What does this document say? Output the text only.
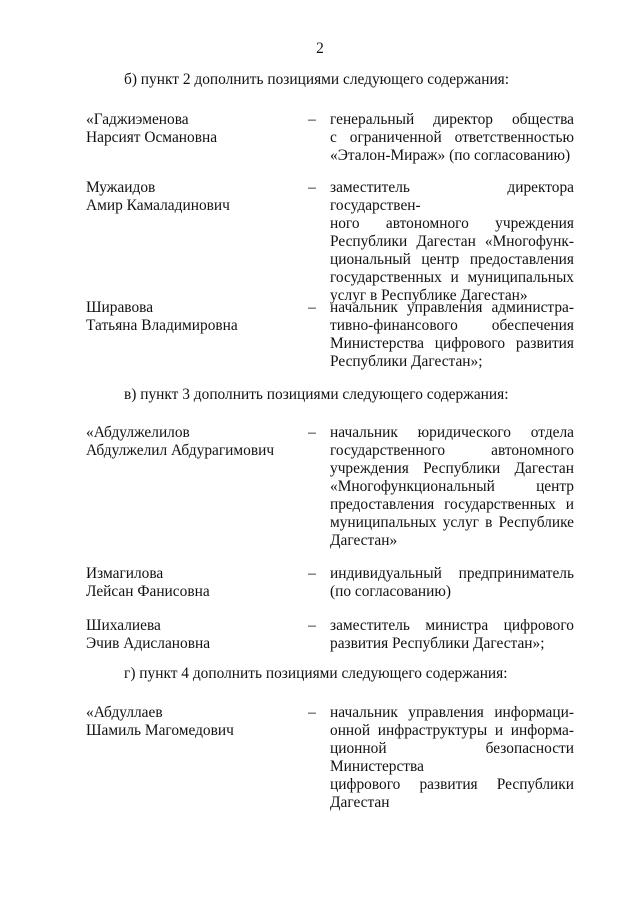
2
б) пункт 2 дополнить позициями следующего содержания:
«Гаджиэменова
Нарсият Османовна
– генеральный директор общества
с ограниченной ответственностью
«Эталон-Мираж» (по согласованию)
Мужаидов
Амир Камаладинович
– заместитель директора государствен-
ного автономного учреждения
Республики Дагестан «Многофунк-
циональный центр предоставления
государственных и муниципальных
услуг в Республике Дагестан»
Ширавова
Татьяна Владимировна
– начальник управления администра-
тивно-финансового обеспечения
Министерства цифрового развития
Республики Дагестан»;
в) пункт 3 дополнить позициями следующего содержания:
«Абдулжелилов
Абдулжелил Абдурагимович
– начальник юридического отдела
государственного автономного
учреждения Республики Дагестан
«Многофункциональный центр
предоставления государственных и
муниципальных услуг в Республике
Дагестан»
Измагилова
Лейсан Фанисовна
– индивидуальный предприниматель
(по согласованию)
Шихалиева
Эчив Адислановна
– заместитель министра цифрового
развития Республики Дагестан»;
г) пункт 4 дополнить позициями следующего содержания:
«Абдуллаев
Шамиль Магомедович
– начальник управления информаци-
онной инфраструктуры и информа-
ционной безопасности Министерства
цифрового развития Республики
Дагестан
